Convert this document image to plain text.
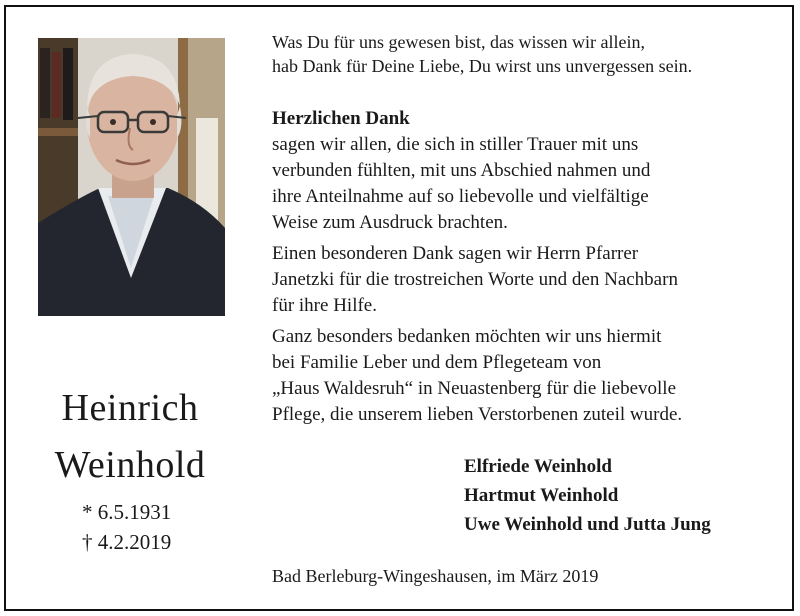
Heinrich
Weinhold
* 6.5.1931
† 4.2.2019
Was Du für uns gewesen bist, das wissen wir allein,
hab Dank für Deine Liebe, Du wirst uns unvergessen sein.
Herzlichen Dank

sagen wir allen, die sich in stiller Trauer mit uns
verbunden fühlten, mit uns Abschied nahmen und
ihre Anteilnahme auf so liebevolle und vielfältige
Weise zum Ausdruck brachten.

Einen besonderen Dank sagen wir Herrn Pfarrer
Janetzki für die trostreichen Worte und den Nachbarn
für ihre Hilfe.

Ganz besonders bedanken möchten wir uns hiermit
bei Familie Leber und dem Pflegeteam von
„Haus Waldesruh“ in Neuastenberg für die liebevolle
Pflege, die unserem lieben Verstorbenen zuteil wurde.

Elfriede Weinhold
Hartmut Weinhold
Uwe Weinhold und Jutta Jung
Bad Berleburg-Wingeshausen, im März 2019
